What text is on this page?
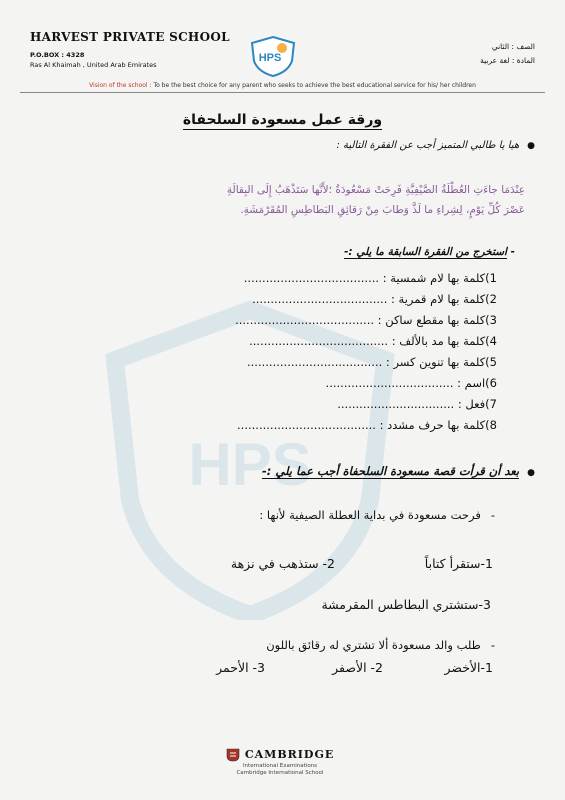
HPS
HARVEST PRIVATE SCHOOL
P.O.BOX : 4328
Ras Al Khaimah , United Arab Emirates
HPS
الصف : الثاني
المادة : لغة عربية
Vision of the school : To be the best choice for any parent who seeks to achieve the best educational service for his/ her children
ورقة عمل مسعودة السلحفاة
● هيا يا طالبي المتميز أجب عن الفقرة التالية :
عِنْدَمَا جاءَتِ العُطْلَةُ الصَّيْفِيَّةِ فَرِحَتْ مَسْعُودَةُ ؛لأَنَّها سَتَذْهَبُ إِلَى البِقالَةِ
عَصْرَ كُلِّ يَوْمٍ، لِشِراءِ ما لَذَّ وَطابَ مِنْ رَقائِقِ البَطاطِسِ المُقَرْمَشَةِ.
- استخرج من الفقرة السابقة ما يلي :-
1)كلمة بها لام شمسية : .....................................
2)كلمة بها لام قمرية : .....................................
3)كلمة بها مقطع ساكن : ......................................
4)كلمة بها مد بالألف : ......................................
5)كلمة بها تنوين كسر : .....................................
6)اسم : ...................................
7)فعل : ................................
8)كلمة بها حرف مشدد : ......................................
● بعد أن قرأت قصة مسعودة السلحفاة أجب عما يلي :-
- فرحت مسعودة في بداية العطلة الصيفية لأنها :
1-ستقرأ كتاباً
2- ستذهب في نزهة
3-ستشتري البطاطس المقرمشة
- طلب والد مسعودة ألا تشتري له رقائق باللون
1-الأخضر
2- الأصفر
3- الأحمر
CAMBRIDGE
International Examinations
Cambridge International School
